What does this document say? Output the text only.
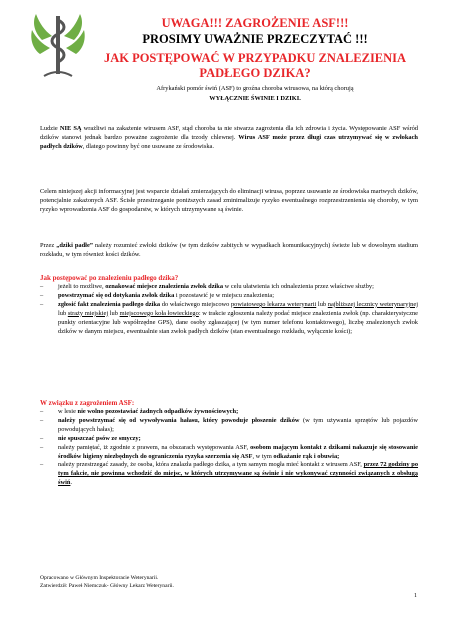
UWAGA!!! ZAGROŻENIE ASF!!!
PROSIMY UWAŻNIE PRZECZYTAĆ !!!
JAK POSTĘPOWAĆ W PRZYPADKU ZNALEZIENIA PADŁEGO DZIKA?
Afrykański pomór świń (ASF) to groźna choroba wirusowa, na którą chorują
WYŁĄCZNIE ŚWINIE I DZIKI.
Ludzie NIE SĄ wrażliwi na zakażenie wirusem ASF, stąd choroba ta nie stwarza zagrożenia dla ich zdrowia i życia. Występowanie ASF wśród dzików stanowi jednak bardzo poważne zagrożenie dla trzody chlewnej. Wirus ASF może przez długi czas utrzymywać się w zwłokach padłych dzików, dlatego powinny być one usuwane ze środowiska.
Celem niniejszej akcji informacyjnej jest wsparcie działań zmierzających do eliminacji wirusa, poprzez usuwanie ze środowiska martwych dzików, potencjalnie zakażonych ASF. Ścisłe przestrzeganie poniższych zasad zminimalizuje ryzyko ewentualnego rozprzestrzenienia się choroby, w tym ryzyko wprowadzenia ASF do gospodarstw, w których utrzymywane są świnie.
Przez „dziki padłe” należy rozumieć zwłoki dzików (w tym dzików zabitych w wypadkach komunikacyjnych) świeże lub w dowolnym stadium rozkładu, w tym również kości dzików.
Jak postępować po znalezieniu padłego dzika?
– jeżeli to możliwe, oznakować miejsce znalezienia zwłok dzika w celu ułatwienia ich odnalezienia przez właściwe służby;
– powstrzymać się od dotykania zwłok dzika i pozostawić je w miejscu znalezienia;
– zgłosić fakt znalezienia padłego dzika do właściwego miejscowo powiatowego lekarza weterynarii lub najbliższej lecznicy weterynaryjnej lub straży miejskiej lub miejscowego koła łowieckiego: w trakcie zgłoszenia należy podać miejsce znalezienia zwłok (np. charakterystyczne punkty orientacyjne lub współrzędne GPS), dane osoby zgłaszającej (w tym numer telefonu kontaktowego), liczbę znalezionych zwłok dzików w danym miejscu, ewentualnie stan zwłok padłych dzików (stan ewentualnego rozkładu, wyłącznie kości);
W związku z zagrożeniem ASF:
– w lesie nie wolno pozostawiać żadnych odpadków żywnościowych;
– należy powstrzymać się od wywoływania hałasu, który powoduje płoszenie dzików (w tym używania sprzętów lub pojazdów powodujących hałas);
– nie spuszczać psów ze smyczy;
– należy pamiętać, iż zgodnie z prawem, na obszarach występowania ASF, osobom mającym kontakt z dzikami nakazuje się stosowanie środków higieny niezbędnych do ograniczenia ryzyka szerzenia się ASF, w tym odkażanie rąk i obuwia;
– należy przestrzegać zasady, że osoba, która znalazła padłego dzika, a tym samym mogła mieć kontakt z wirusem ASF, przez 72 godziny po tym fakcie, nie powinna wchodzić do miejsc, w których utrzymywane są świnie i nie wykonywać czynności związanych z obsługą świń.
Opracowano w Głównym Inspektoracie Weterynarii.
Zatwierdził: Paweł Niemczuk- Główny Lekarz Weterynarii.
1
